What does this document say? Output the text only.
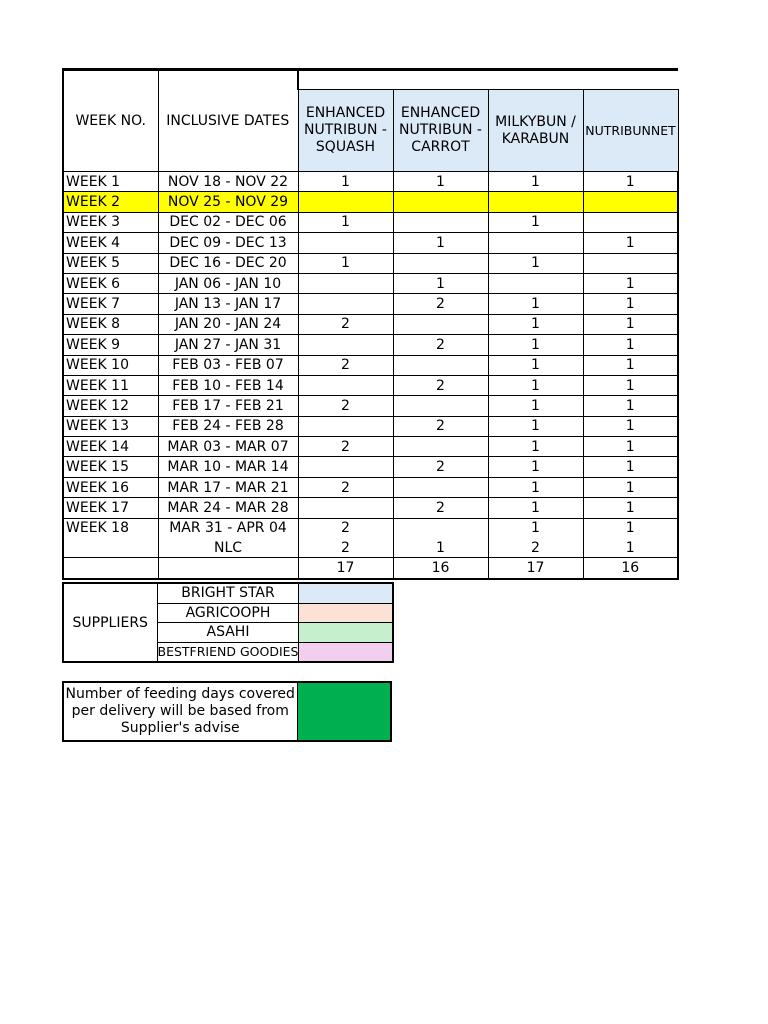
WEEK NO.	INCLUSIVE DATES				
		ENHANCED NUTRIBUN - SQUASH	ENHANCED NUTRIBUN - CARROT	MILKYBUN / KARABUN	NUTRIBUNNET
WEEK 1	NOV 18 - NOV 22	1	1	1	1
WEEK 2	NOV 25 - NOV 29				
WEEK 3	DEC 02 - DEC 06	1		1	
WEEK 4	DEC 09 - DEC 13		1		1
WEEK 5	DEC 16 - DEC 20	1		1	
WEEK 6	JAN 06 - JAN 10		1		1
WEEK 7	JAN 13 - JAN 17		2	1	1
WEEK 8	JAN 20 - JAN 24	2		1	1
WEEK 9	JAN 27 - JAN 31		2	1	1
WEEK 10	FEB 03 - FEB 07	2		1	1
WEEK 11	FEB 10 - FEB 14		2	1	1
WEEK 12	FEB 17 - FEB 21	2		1	1
WEEK 13	FEB 24 - FEB 28		2	1	1
WEEK 14	MAR 03 - MAR 07	2		1	1
WEEK 15	MAR 10 - MAR 14		2	1	1
WEEK 16	MAR 17 - MAR 21	2		1	1
WEEK 17	MAR 24 - MAR 28		2	1	1
WEEK 18	MAR 31 - APR 04	2		1	1
	NLC	2	1	2	1
		17	16	17	16
SUPPLIERS	BRIGHT STAR	
	AGRICOOPH	
	ASAHI	
	BESTFRIEND GOODIES	
Number of feeding days covered per delivery will be based from Supplier's advise	
